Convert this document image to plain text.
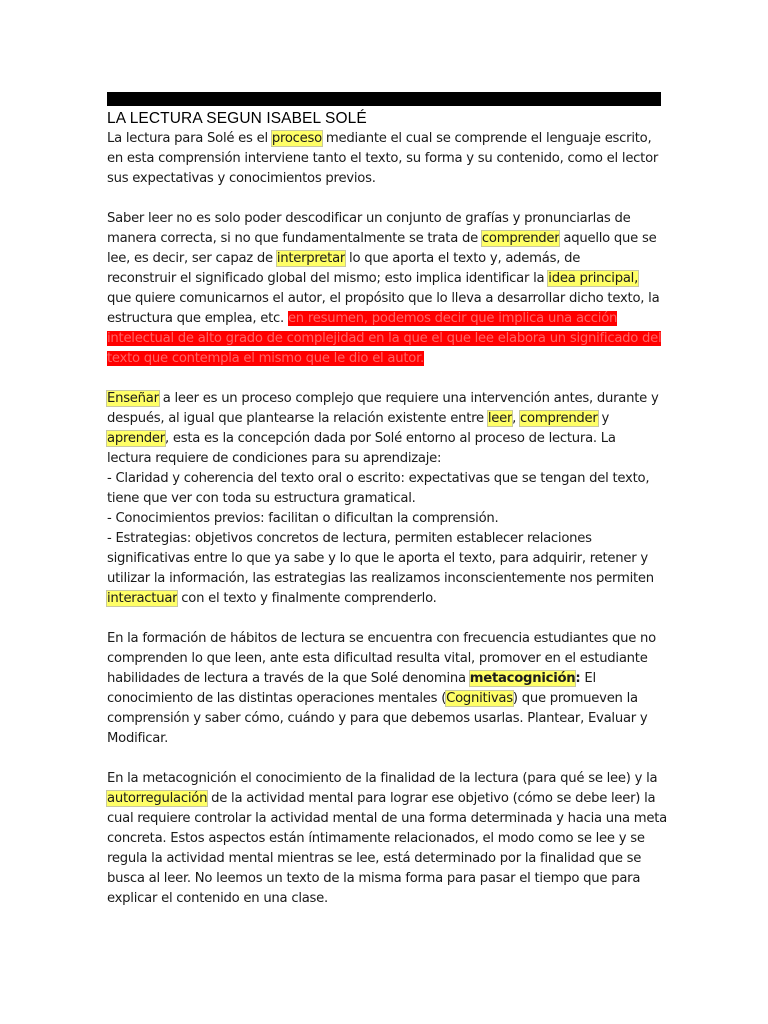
LA LECTURA SEGUN ISABEL SOLÉ

La lectura para Solé es el proceso mediante el cual se comprende el lenguaje escrito,
en esta comprensión interviene tanto el texto, su forma y su contenido, como el lector
sus expectativas y conocimientos previos.

Saber leer no es solo poder descodificar un conjunto de grafías y pronunciarlas de
manera correcta, si no que fundamentalmente se trata de comprender aquello que se
lee, es decir, ser capaz de interpretar lo que aporta el texto y, además, de
reconstruir el significado global del mismo; esto implica identificar la idea principal,
que quiere comunicarnos el autor, el propósito que lo lleva a desarrollar dicho texto, la
estructura que emplea, etc. en resumen, podemos decir que implica una acción
intelectual de alto grado de complejidad en la que el que lee elabora un significado del
texto que contempla el mismo que le dio el autor.

Enseñar a leer es un proceso complejo que requiere una intervención antes, durante y
después, al igual que plantearse la relación existente entre leer, comprender y
aprender, esta es la concepción dada por Solé entorno al proceso de lectura. La
lectura requiere de condiciones para su aprendizaje:
- Claridad y coherencia del texto oral o escrito: expectativas que se tengan del texto,
tiene que ver con toda su estructura gramatical.
- Conocimientos previos: facilitan o dificultan la comprensión.
- Estrategias: objetivos concretos de lectura, permiten establecer relaciones
significativas entre lo que ya sabe y lo que le aporta el texto, para adquirir, retener y
utilizar la información, las estrategias las realizamos inconscientemente nos permiten
interactuar con el texto y finalmente comprenderlo.

En la formación de hábitos de lectura se encuentra con frecuencia estudiantes que no
comprenden lo que leen, ante esta dificultad resulta vital, promover en el estudiante
habilidades de lectura a través de la que Solé denomina metacognición: El
conocimiento de las distintas operaciones mentales (Cognitivas) que promueven la
comprensión y saber cómo, cuándo y para que debemos usarlas. Plantear, Evaluar y
Modificar.

En la metacognición el conocimiento de la finalidad de la lectura (para qué se lee) y la
autorregulación de la actividad mental para lograr ese objetivo (cómo se debe leer) la
cual requiere controlar la actividad mental de una forma determinada y hacia una meta
concreta. Estos aspectos están íntimamente relacionados, el modo como se lee y se
regula la actividad mental mientras se lee, está determinado por la finalidad que se
busca al leer. No leemos un texto de la misma forma para pasar el tiempo que para
explicar el contenido en una clase.
